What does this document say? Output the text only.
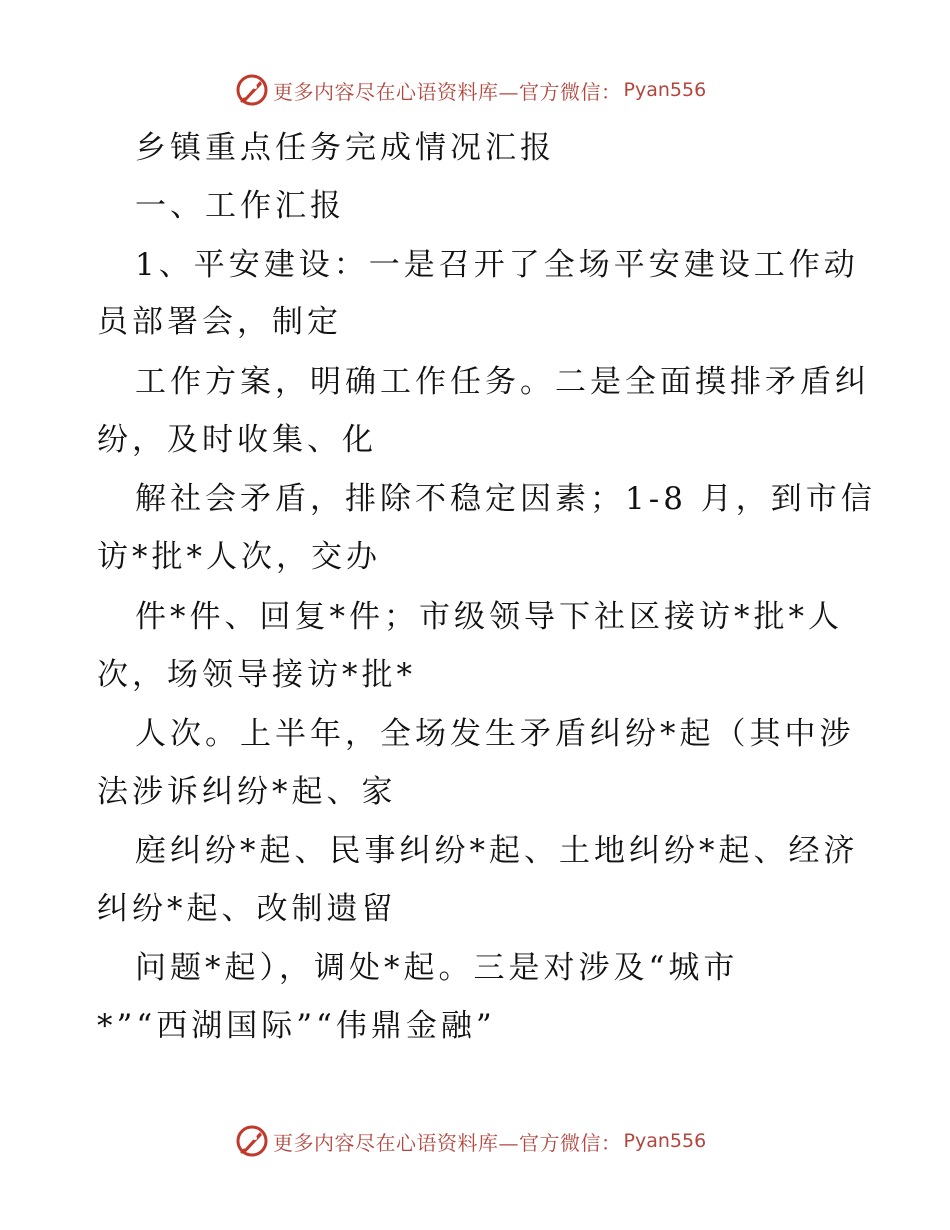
更多内容尽在心语资料库—官方微信： Pyan556
乡镇重点任务完成情况汇报
一、工作汇报
1、平安建设：一是召开了全场平安建设工作动
员部署会，制定
工作方案，明确工作任务。二是全面摸排矛盾纠
纷，及时收集、化
解社会矛盾，排除不稳定因素；1-8 月，到市信
访*批*人次，交办
件*件、回复*件；市级领导下社区接访*批*人
次，场领导接访*批*
人次。上半年，全场发生矛盾纠纷*起（其中涉
法涉诉纠纷*起、家
庭纠纷*起、民事纠纷*起、土地纠纷*起、经济
纠纷*起、改制遗留
问题*起），调处*起。三是对涉及“城市
*”“西湖国际”“伟鼎金融”
更多内容尽在心语资料库—官方微信： Pyan556
